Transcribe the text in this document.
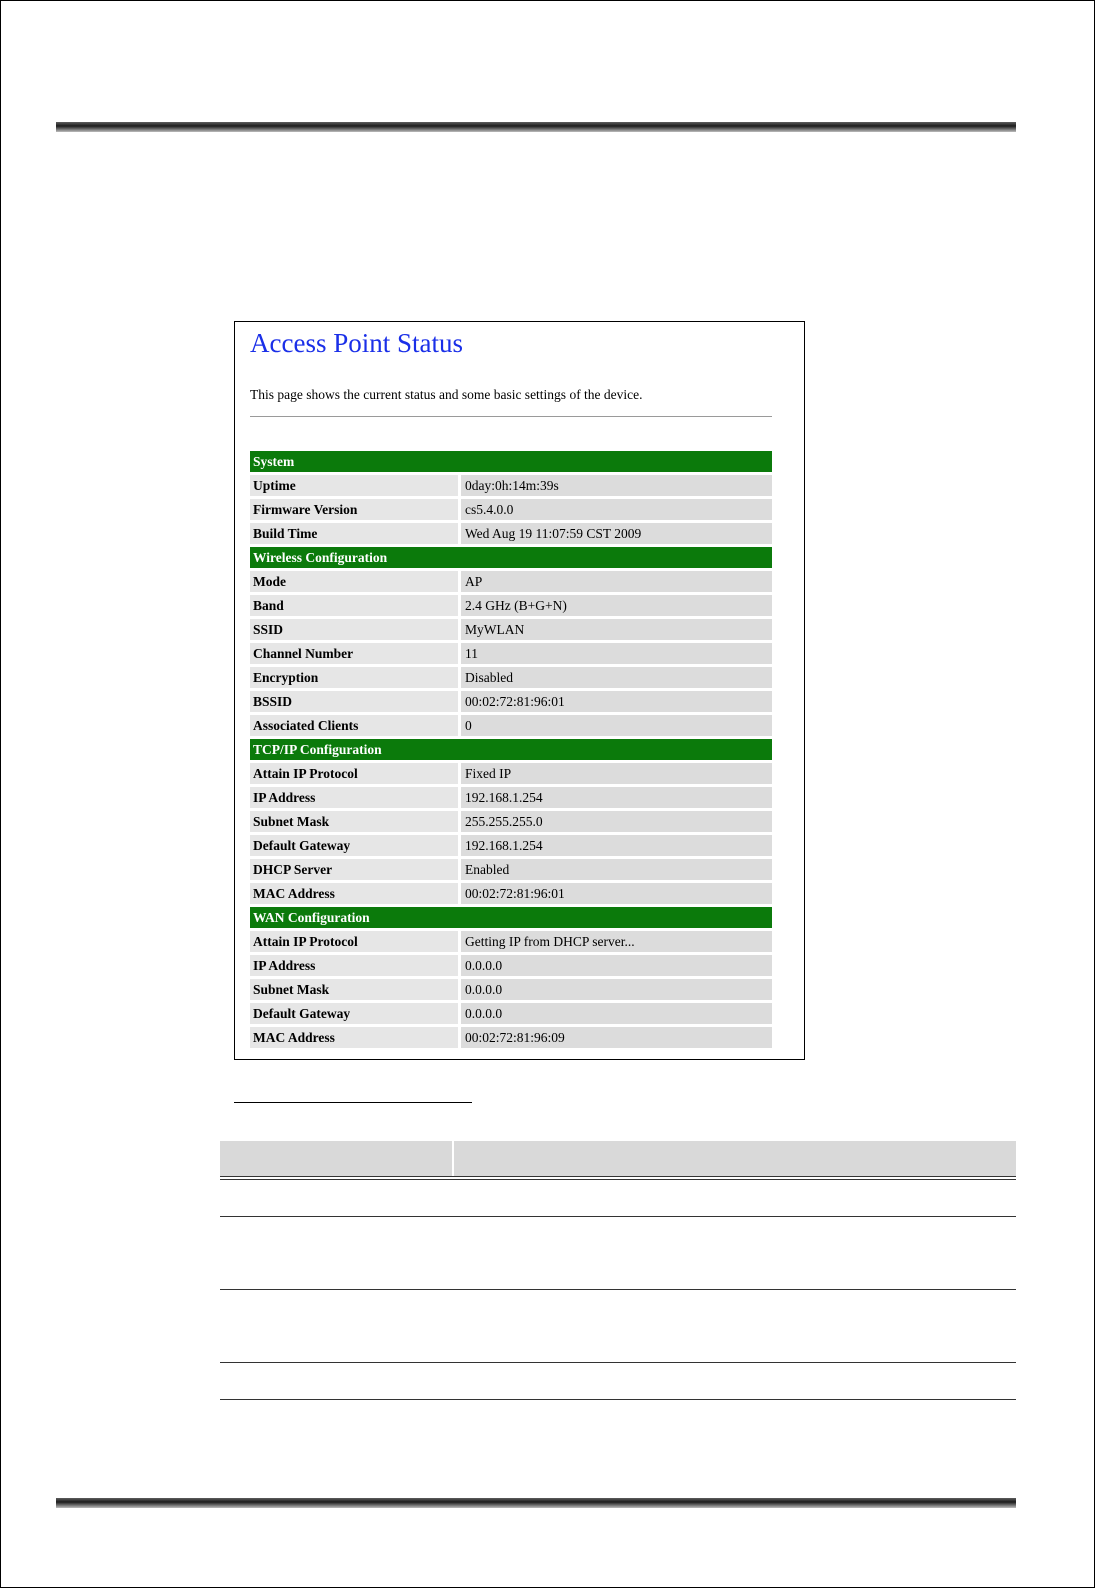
Access Point Status
This page shows the current status and some basic settings of the device.
System
Uptime	0day:0h:14m:39s
Firmware Version	cs5.4.0.0
Build Time	Wed Aug 19 11:07:59 CST 2009
Wireless Configuration
Mode	AP
Band	2.4 GHz (B+G+N)
SSID	MyWLAN
Channel Number	11
Encryption	Disabled
BSSID	00:02:72:81:96:01
Associated Clients	0
TCP/IP Configuration
Attain IP Protocol	Fixed IP
IP Address	192.168.1.254
Subnet Mask	255.255.255.0
Default Gateway	192.168.1.254
DHCP Server	Enabled
MAC Address	00:02:72:81:96:01
WAN Configuration
Attain IP Protocol	Getting IP from DHCP server...
IP Address	0.0.0.0
Subnet Mask	0.0.0.0
Default Gateway	0.0.0.0
MAC Address	00:02:72:81:96:09
